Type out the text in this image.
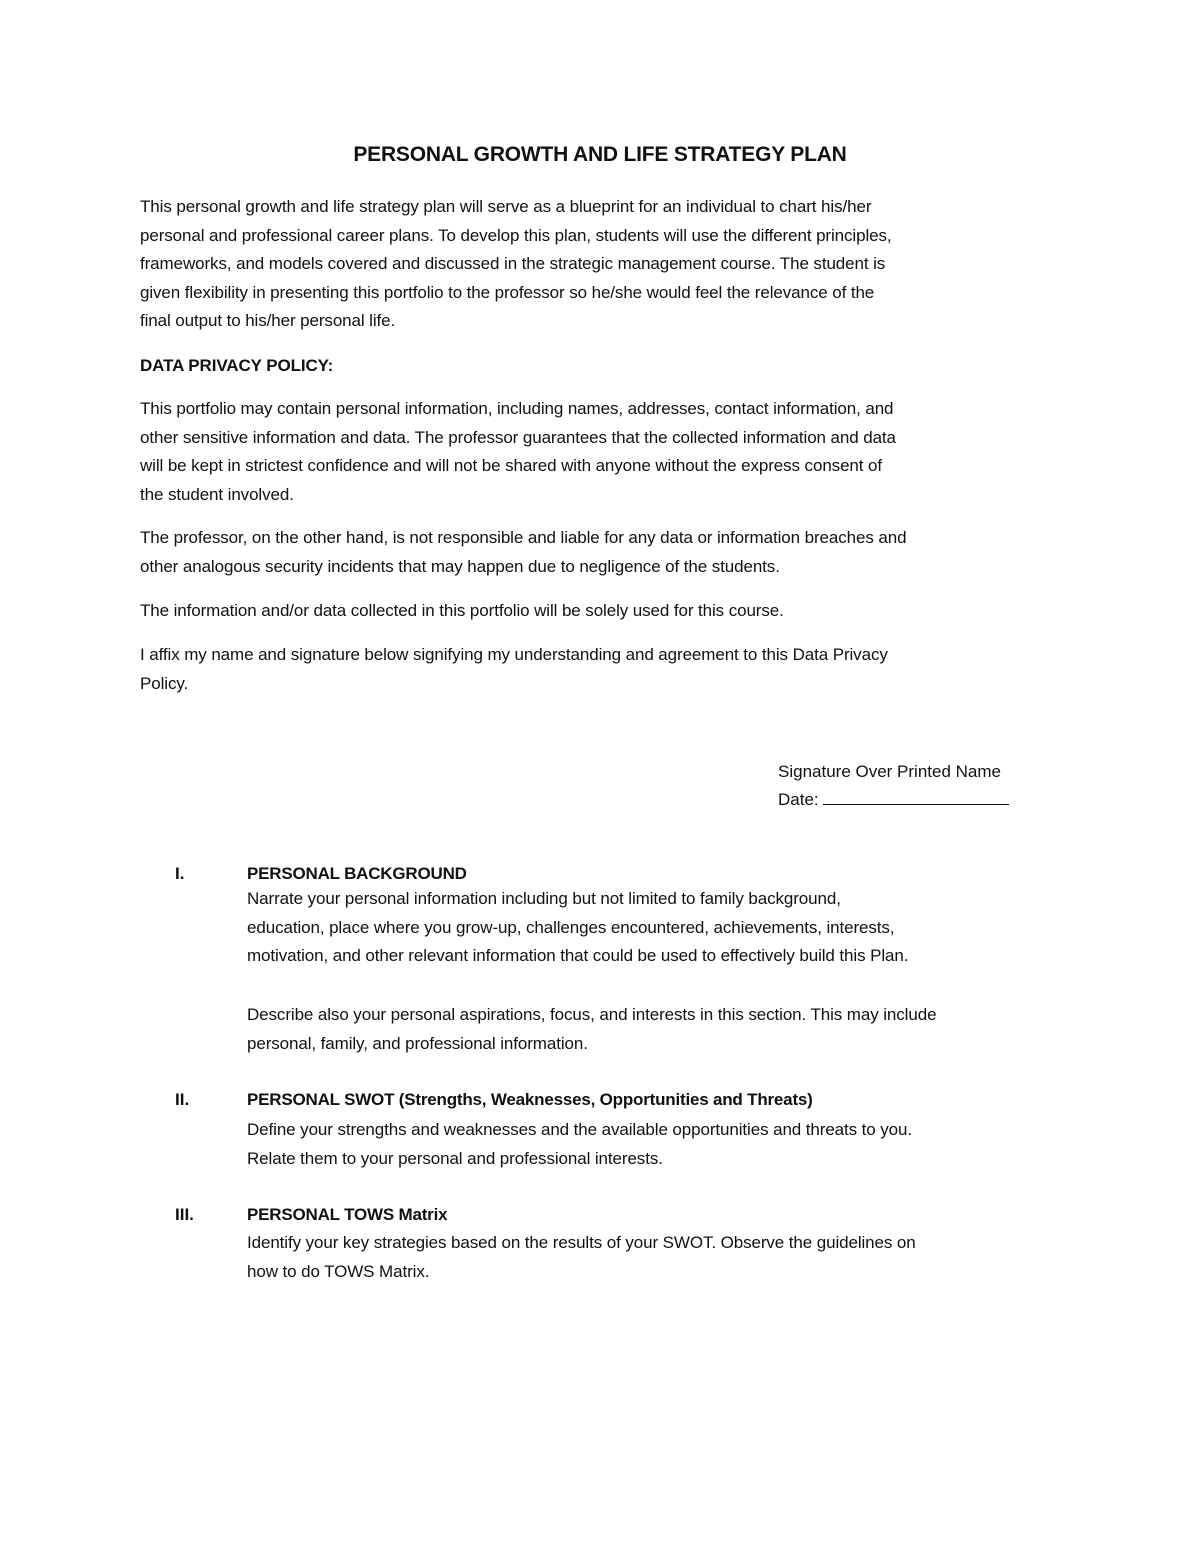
PERSONAL GROWTH AND LIFE STRATEGY PLAN
This personal growth and life strategy plan will serve as a blueprint for an individual to chart his/her
personal and professional career plans. To develop this plan, students will use the different principles,
frameworks, and models covered and discussed in the strategic management course. The student is
given flexibility in presenting this portfolio to the professor so he/she would feel the relevance of the
final output to his/her personal life.
DATA PRIVACY POLICY:
This portfolio may contain personal information, including names, addresses, contact information, and
other sensitive information and data. The professor guarantees that the collected information and data
will be kept in strictest confidence and will not be shared with anyone without the express consent of
the student involved.
The professor, on the other hand, is not responsible and liable for any data or information breaches and
other analogous security incidents that may happen due to negligence of the students.
The information and/or data collected in this portfolio will be solely used for this course.
I affix my name and signature below signifying my understanding and agreement to this Data Privacy
Policy.
Signature Over Printed Name
Date:
I.	PERSONAL BACKGROUND
Narrate your personal information including but not limited to family background,
education, place where you grow-up, challenges encountered, achievements, interests,
motivation, and other relevant information that could be used to effectively build this Plan.
Describe also your personal aspirations, focus, and interests in this section. This may include
personal, family, and professional information.
II.	PERSONAL SWOT (Strengths, Weaknesses, Opportunities and Threats)
Define your strengths and weaknesses and the available opportunities and threats to you.
Relate them to your personal and professional interests.
III.	PERSONAL TOWS Matrix
Identify your key strategies based on the results of your SWOT. Observe the guidelines on
how to do TOWS Matrix.
